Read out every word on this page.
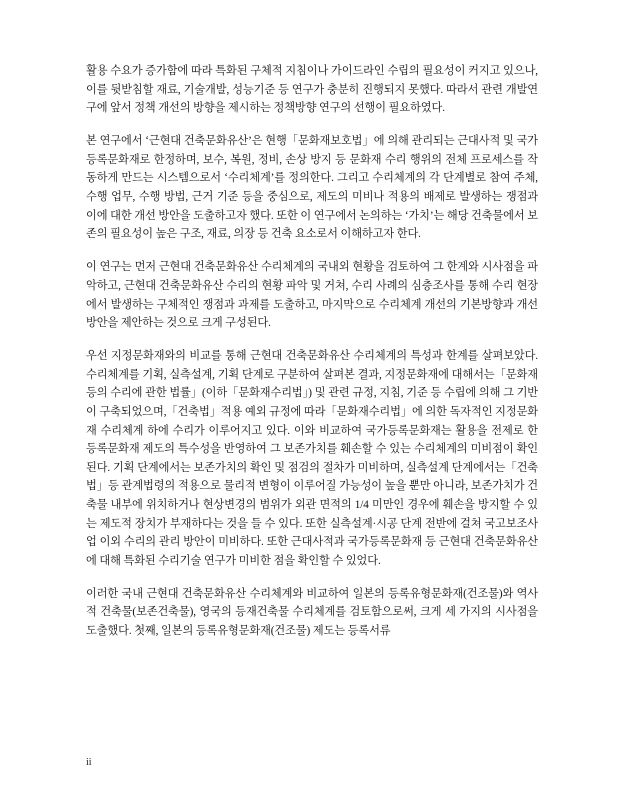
활용 수요가 증가함에 따라 특화된 구체적 지침이나 가이드라인 수립의 필요성이 커지고 있으나, 이를 뒷받침할 재료, 기술개발, 성능기준 등 연구가 충분히 진행되지 못했다. 따라서 관련 개발연구에 앞서 정책 개선의 방향을 제시하는 정책방향 연구의 선행이 필요하였다.

본 연구에서 ‘근현대 건축문화유산’은 현행「문화재보호법」에 의해 관리되는 근대사적 및 국가등록문화재로 한정하며, 보수, 복원, 정비, 손상 방지 등 문화재 수리 행위의 전체 프로세스를 작동하게 만드는 시스템으로서 ‘수리체계’를 정의한다. 그리고 수리체계의 각 단계별로 참여 주체, 수행 업무, 수행 방법, 근거 기준 등을 중심으로, 제도의 미비나 적용의 배제로 발생하는 쟁점과 이에 대한 개선 방안을 도출하고자 했다. 또한 이 연구에서 논의하는 ‘가치’는 해당 건축물에서 보존의 필요성이 높은 구조, 재료, 의장 등 건축 요소로서 이해하고자 한다.

이 연구는 먼저 근현대 건축문화유산 수리체계의 국내외 현황을 검토하여 그 한계와 시사점을 파악하고, 근현대 건축문화유산 수리의 현황 파악 및 거쳐, 수리 사례의 심층조사를 통해 수리 현장에서 발생하는 구체적인 쟁점과 과제를 도출하고, 마지막으로 수리체계 개선의 기본방향과 개선 방안을 제안하는 것으로 크게 구성된다.

우선 지정문화재와의 비교를 통해 근현대 건축문화유산 수리체계의 특성과 한계를 살펴보았다. 수리체계를 기획, 실측설계, 기획 단계로 구분하여 살펴본 결과, 지정문화재에 대해서는「문화재등의 수리에 관한 법률」(이하「문화재수리법」) 및 관련 규정, 지침, 기준 등 수립에 의해 그 기반이 구축되었으며,「건축법」적용 예외 규정에 따라「문화재수리법」에 의한 독자적인 지정문화재 수리체계 하에 수리가 이루어지고 있다. 이와 비교하여 국가등록문화재는 활용을 전제로 한 등록문화재 제도의 특수성을 반영하여 그 보존가치를 훼손할 수 있는 수리체계의 미비점이 확인된다. 기획 단계에서는 보존가치의 확인 및 점검의 절차가 미비하며, 실측설계 단계에서는「건축법」등 관계법령의 적용으로 물리적 변형이 이루어질 가능성이 높을 뿐만 아니라, 보존가치가 건축물 내부에 위치하거나 현상변경의 범위가 외관 면적의 1/4 미만인 경우에 훼손을 방지할 수 있는 제도적 장치가 부재하다는 것을 들 수 있다. 또한 실측설계·시공 단계 전반에 걸쳐 국고보조사업 이외 수리의 관리 방안이 미비하다. 또한 근대사적과 국가등록문화재 등 근현대 건축문화유산에 대해 특화된 수리기술 연구가 미비한 점을 확인할 수 있었다.

이러한 국내 근현대 건축문화유산 수리체계와 비교하여 일본의 등록유형문화재(건조물)와 역사적 건축물(보존건축물), 영국의 등재건축물 수리체계를 검토함으로써, 크게 세 가지의 시사점을 도출했다. 첫째, 일본의 등록유형문화재(건조물) 제도는 등록서류

ii
